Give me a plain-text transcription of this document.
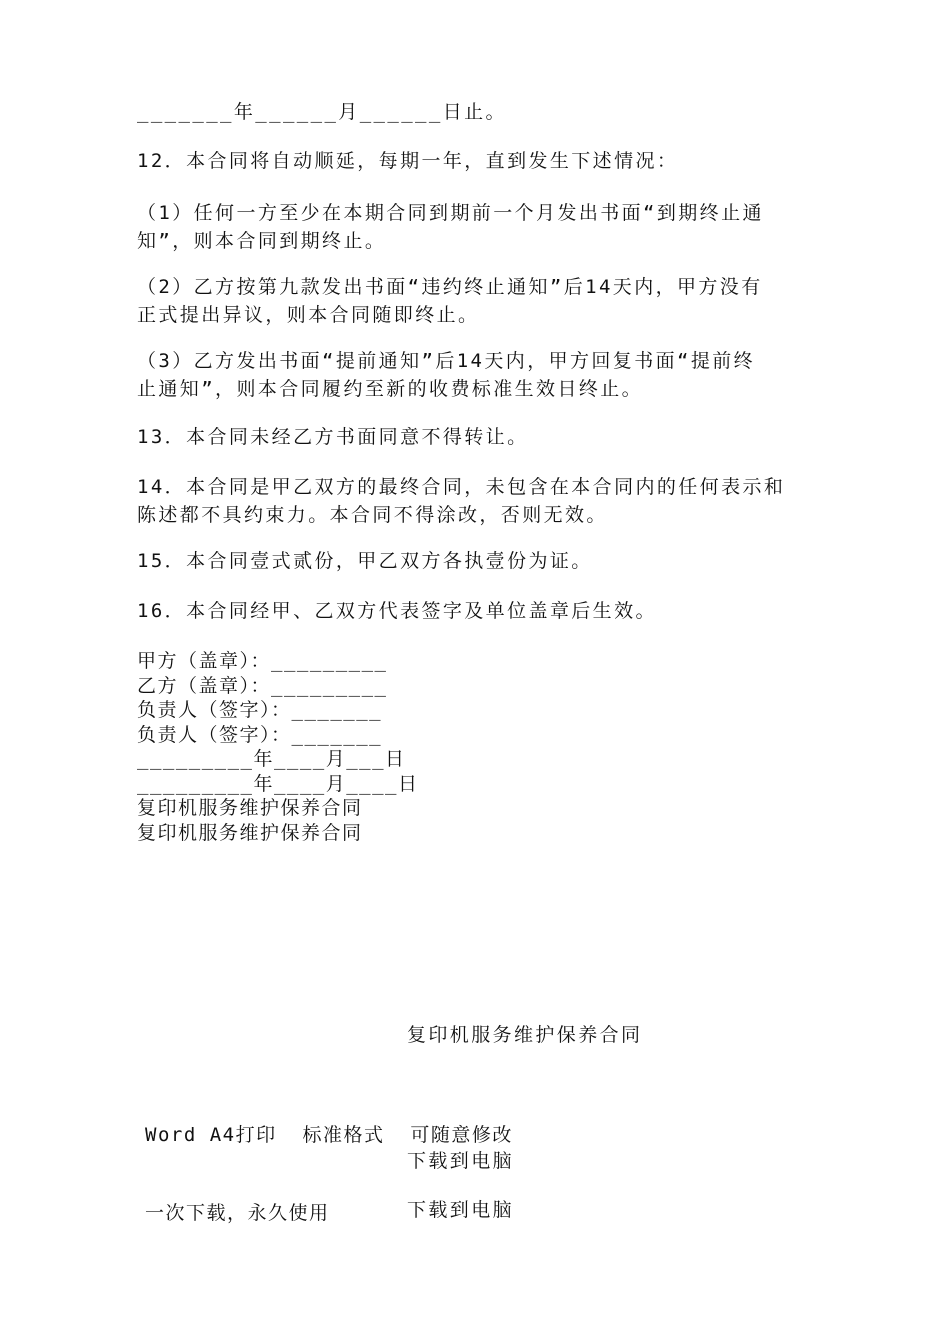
_______年______月______日止。
12．本合同将自动顺延，每期一年，直到发生下述情况：
（1）任何一方至少在本期合同到期前一个月发出书面“到期终止通
知”，则本合同到期终止。
（2）乙方按第九款发出书面“违约终止通知”后14天内，甲方没有
正式提出异议，则本合同随即终止。
（3）乙方发出书面“提前通知”后14天内，甲方回复书面“提前终
止通知”，则本合同履约至新的收费标准生效日终止。
13．本合同未经乙方书面同意不得转让。
14．本合同是甲乙双方的最终合同，未包含在本合同内的任何表示和
陈述都不具约束力。本合同不得涂改，否则无效。
15．本合同壹式贰份，甲乙双方各执壹份为证。
16．本合同经甲、乙双方代表签字及单位盖章后生效。
甲方（盖章）：_________
乙方（盖章）：_________
负责人（签字）：_______
负责人（签字）：_______
_________年____月___日
_________年____月____日
复印机服务维护保养合同
复印机服务维护保养合同
复印机服务维护保养合同

Word A4打印  标准格式  可随意修改

一次下载，永久使用

下载到电脑
下载到电脑
